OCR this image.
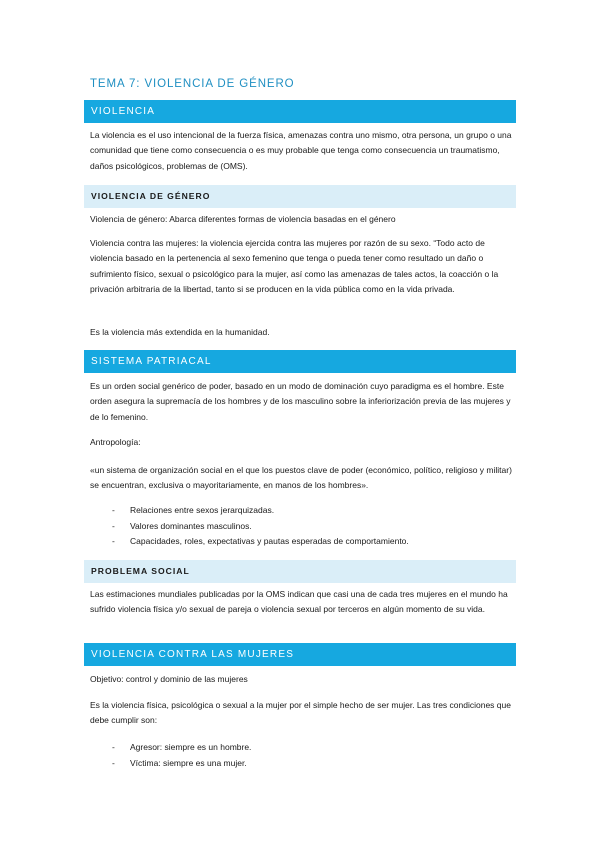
TEMA 7: VIOLENCIA DE GÉNERO
VIOLENCIA

La violencia es el uso intencional de la fuerza física, amenazas contra uno mismo, otra persona, un grupo o una comunidad que tiene como consecuencia o es muy probable que tenga como consecuencia un traumatismo, daños psicológicos, problemas de (OMS).

VIOLENCIA DE GÉNERO

Violencia de género: Abarca diferentes formas de violencia basadas en el género

Violencia contra las mujeres: la violencia ejercida contra las mujeres por razón de su sexo. “Todo acto de violencia basado en la pertenencia al sexo femenino que tenga o pueda tener como resultado un daño o sufrimiento físico, sexual o psicológico para la mujer, así como las amenazas de tales actos, la coacción o la privación arbitraria de la libertad, tanto si se producen en la vida pública como en la vida privada.

Es la violencia más extendida en la humanidad.

SISTEMA PATRIACAL

Es un orden social genérico de poder, basado en un modo de dominación cuyo paradigma es el hombre. Este orden asegura la supremacía de los hombres y de los masculino sobre la inferiorización previa de las mujeres y de lo femenino.

Antropología:

«un sistema de organización social en el que los puestos clave de poder (económico, político, religioso y militar) se encuentran, exclusiva o mayoritariamente, en manos de los hombres».

- Relaciones entre sexos jerarquizadas.
- Valores dominantes masculinos.
- Capacidades, roles, expectativas y pautas esperadas de comportamiento.
PROBLEMA SOCIAL

Las estimaciones mundiales publicadas por la OMS indican que casi una de cada tres mujeres en el mundo ha sufrido violencia física y/o sexual de pareja o violencia sexual por terceros en algún momento de su vida.

VIOLENCIA CONTRA LAS MUJERES

Objetivo: control y dominio de las mujeres

Es la violencia física, psicológica o sexual a la mujer por el simple hecho de ser mujer. Las tres condiciones que debe cumplir son:

- Agresor: siempre es un hombre.
- Víctima: siempre es una mujer.
